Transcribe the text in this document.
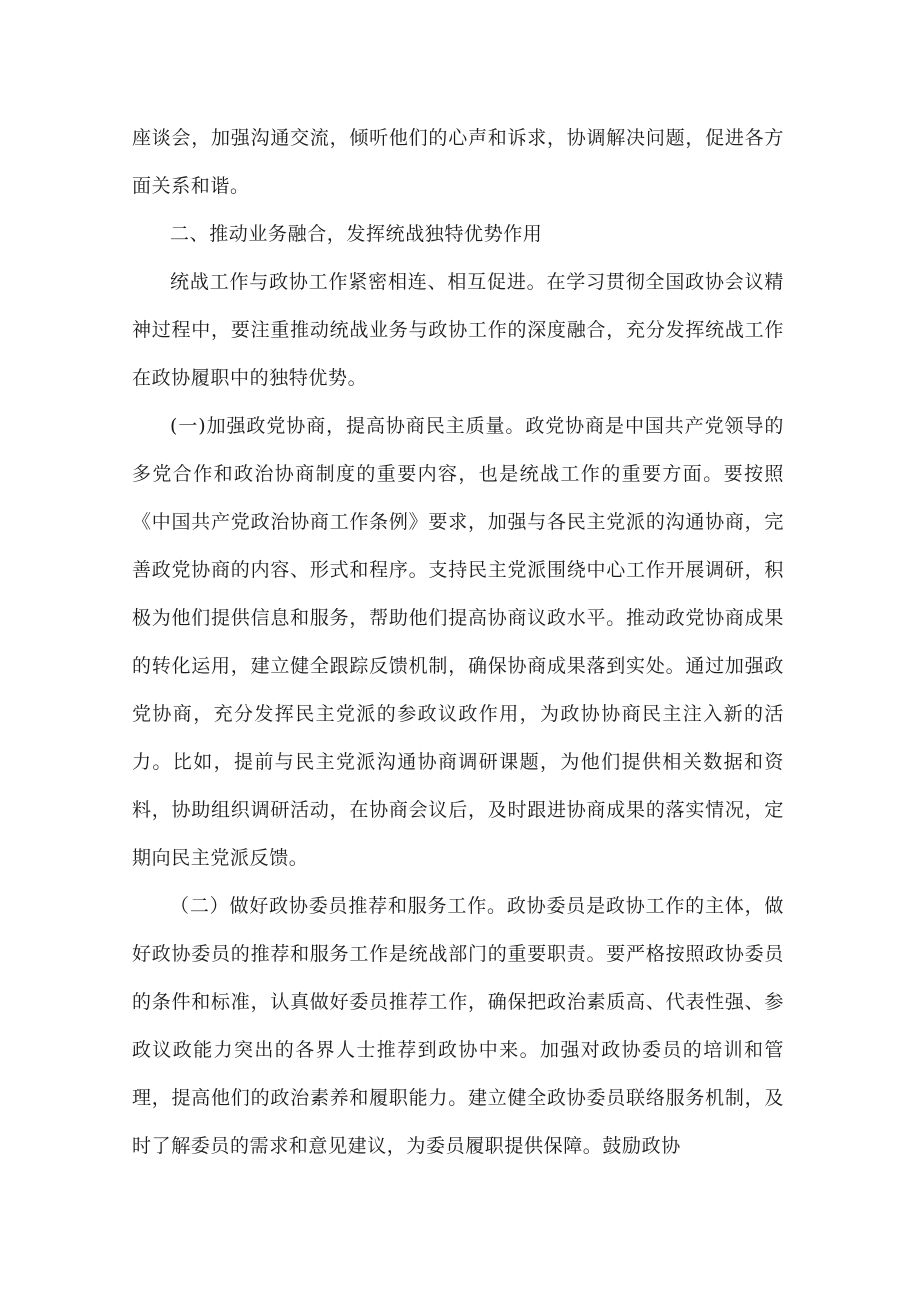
座谈会，加强沟通交流，倾听他们的心声和诉求，协调解决问题，促进各方面关系和谐。

二、推动业务融合，发挥统战独特优势作用

统战工作与政协工作紧密相连、相互促进。在学习贯彻全国政协会议精神过程中，要注重推动统战业务与政协工作的深度融合，充分发挥统战工作在政协履职中的独特优势。

(一)加强政党协商，提高协商民主质量。政党协商是中国共产党领导的多党合作和政治协商制度的重要内容，也是统战工作的重要方面。要按照《中国共产党政治协商工作条例》要求，加强与各民主党派的沟通协商，完善政党协商的内容、形式和程序。支持民主党派围绕中心工作开展调研，积极为他们提供信息和服务，帮助他们提高协商议政水平。推动政党协商成果的转化运用，建立健全跟踪反馈机制，确保协商成果落到实处。通过加强政党协商，充分发挥民主党派的参政议政作用，为政协协商民主注入新的活力。比如，提前与民主党派沟通协商调研课题，为他们提供相关数据和资料，协助组织调研活动，在协商会议后，及时跟进协商成果的落实情况，定期向民主党派反馈。

（二）做好政协委员推荐和服务工作。政协委员是政协工作的主体，做好政协委员的推荐和服务工作是统战部门的重要职责。要严格按照政协委员的条件和标准，认真做好委员推荐工作，确保把政治素质高、代表性强、参政议政能力突出的各界人士推荐到政协中来。加强对政协委员的培训和管理，提高他们的政治素养和履职能力。建立健全政协委员联络服务机制，及时了解委员的需求和意见建议，为委员履职提供保障。鼓励政协
